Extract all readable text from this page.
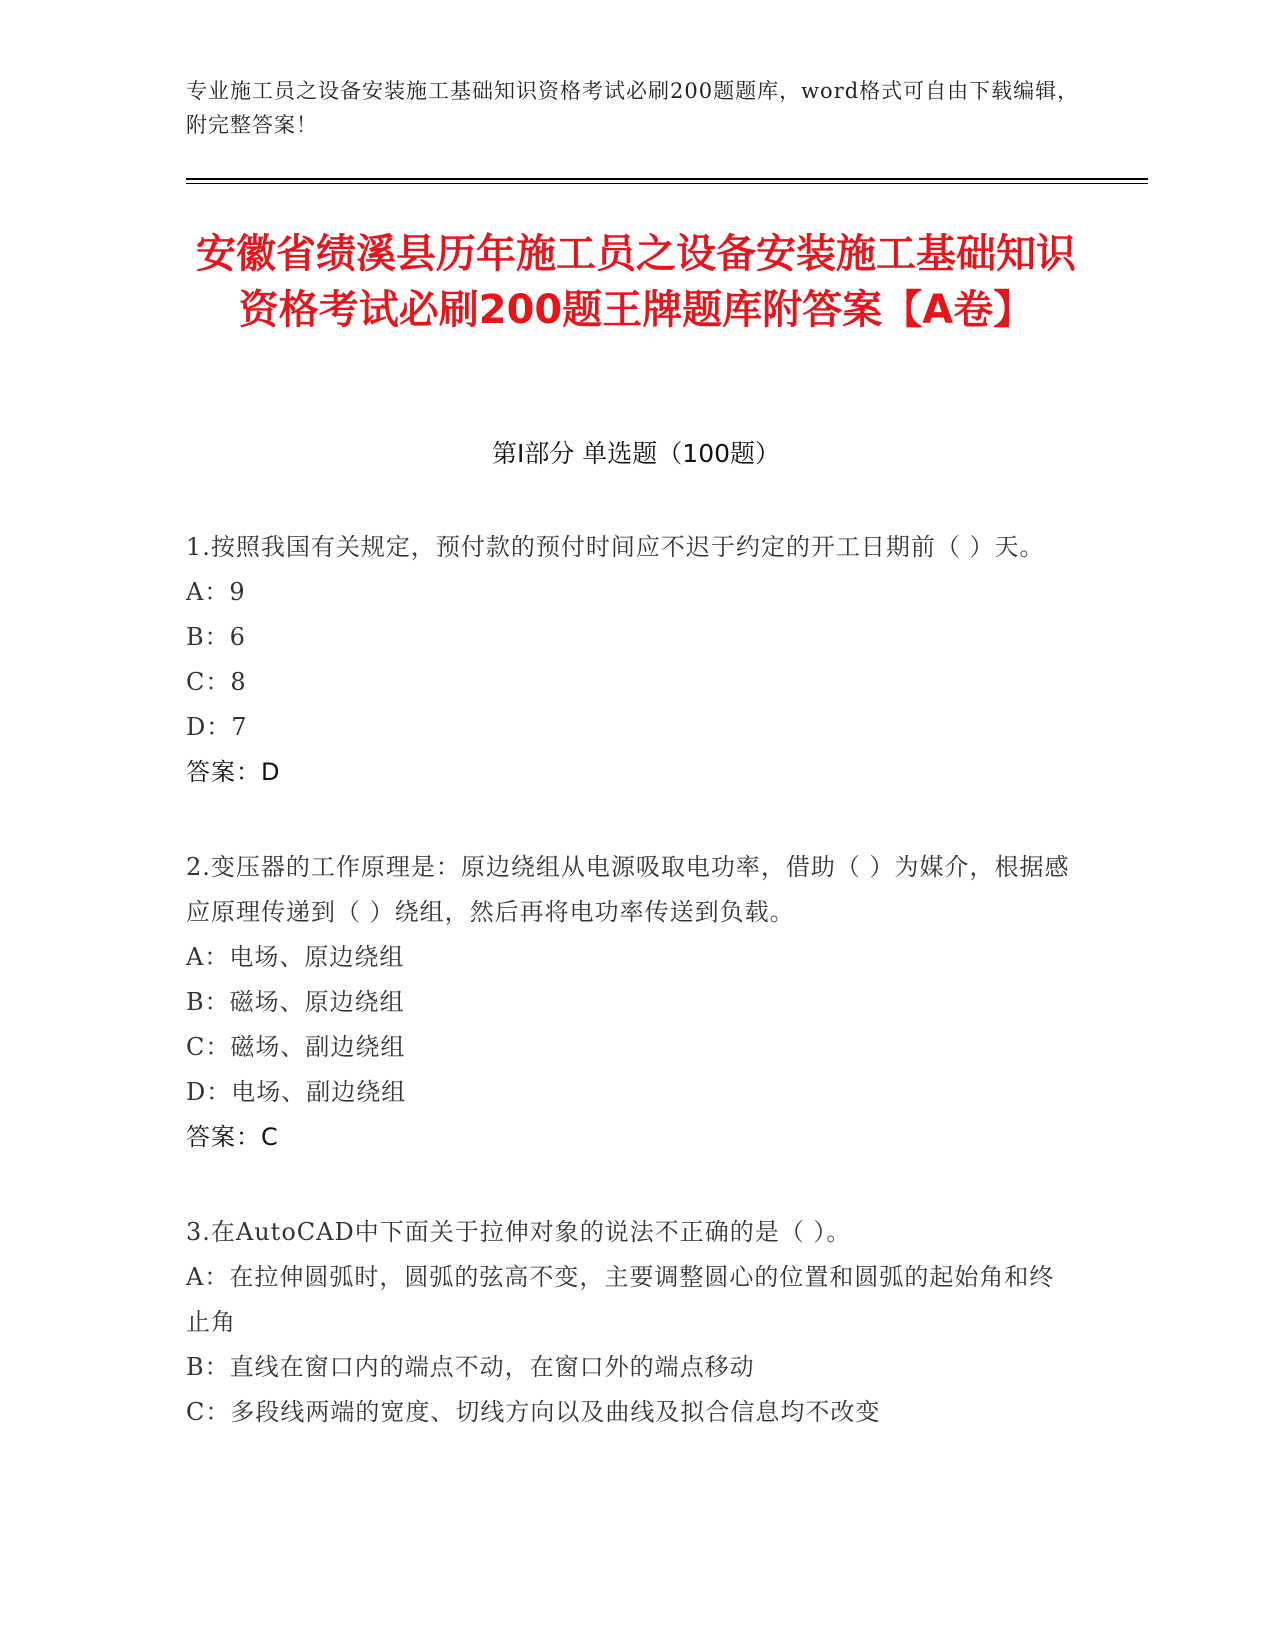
专业施工员之设备安装施工基础知识资格考试必刷200题题库，word格式可自由下载编辑，附完整答案！
安徽省绩溪县历年施工员之设备安装施工基础知识资格考试必刷200题王牌题库附答案【A卷】
第Ⅰ部分 单选题（100题）

1.按照我国有关规定，预付款的预付时间应不迟于约定的开工日期前（ ）天。

A：9

B：6

C：8

D：7

答案：D

2.变压器的工作原理是：原边绕组从电源吸取电功率，借助（ ）为媒介，根据感应原理传递到（ ）绕组，然后再将电功率传送到负载。

A：电场、原边绕组

B：磁场、原边绕组

C：磁场、副边绕组

D：电场、副边绕组

答案：C

3.在AutoCAD中下面关于拉伸对象的说法不正确的是（ ）。

A：在拉伸圆弧时，圆弧的弦高不变，主要调整圆心的位置和圆弧的起始角和终止角

B：直线在窗口内的端点不动，在窗口外的端点移动

C：多段线两端的宽度、切线方向以及曲线及拟合信息均不改变
